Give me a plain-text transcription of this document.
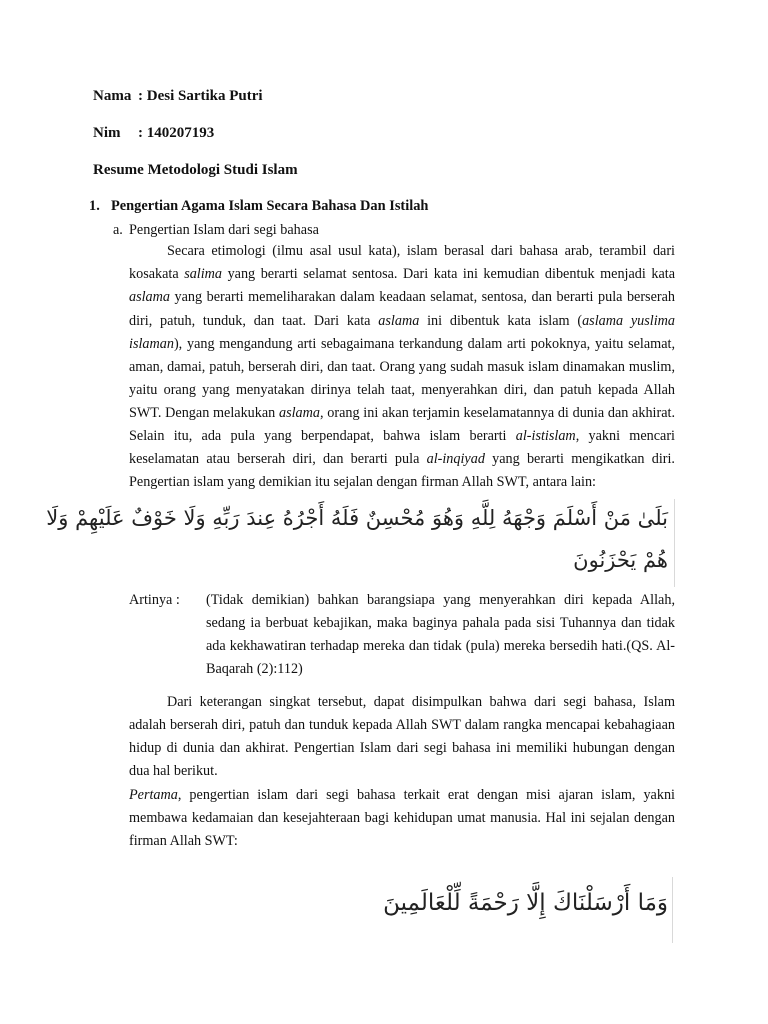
Nama : Desi Sartika Putri
Nim : 140207193
Resume Metodologi Studi Islam
1. Pengertian Agama Islam Secara Bahasa Dan Istilah
a. Pengertian Islam dari segi bahasa
Secara etimologi (ilmu asal usul kata), islam berasal dari bahasa arab, terambil dari
kosakata salima yang berarti selamat sentosa. Dari kata ini kemudian dibentuk menjadi kata
aslama yang berarti memeliharakan dalam keadaan selamat, sentosa, dan berarti pula berserah
diri, patuh, tunduk, dan taat. Dari kata aslama ini dibentuk kata islam (aslama yuslima
islaman), yang mengandung arti sebagaimana terkandung dalam arti pokoknya, yaitu selamat,
aman, damai, patuh, berserah diri, dan taat. Orang yang sudah masuk islam dinamakan muslim,
yaitu orang yang menyatakan dirinya telah taat, menyerahkan diri, dan patuh kepada Allah
SWT. Dengan melakukan aslama, orang ini akan terjamin keselamatannya di dunia dan akhirat.
Selain itu, ada pula yang berpendapat, bahwa islam berarti al-istislam, yakni mencari
keselamatan atau berserah diri, dan berarti pula al-inqiyad yang berarti mengikatkan diri.
Pengertian islam yang demikian itu sejalan dengan firman Allah SWT, antara lain:
بَلَىٰ مَنْ أَسْلَمَ وَجْهَهُ لِلَّهِ وَهُوَ مُحْسِنٌ فَلَهُ أَجْرُهُ عِندَ رَبِّهِ وَلَا خَوْفٌ عَلَيْهِمْ وَلَا
هُمْ يَحْزَنُونَ
Artinya : (Tidak demikian) bahkan barangsiapa yang menyerahkan diri kepada Allah,
sedang ia berbuat kebajikan, maka baginya pahala pada sisi Tuhannya dan tidak
ada kekhawatiran terhadap mereka dan tidak (pula) mereka bersedih hati.(QS. Al-
Baqarah (2):112)
Dari keterangan singkat tersebut, dapat disimpulkan bahwa dari segi bahasa, Islam
adalah berserah diri, patuh dan tunduk kepada Allah SWT dalam rangka mencapai kebahagiaan
hidup di dunia dan akhirat. Pengertian Islam dari segi bahasa ini memiliki hubungan dengan
dua hal berikut.
Pertama, pengertian islam dari segi bahasa terkait erat dengan misi ajaran islam, yakni
membawa kedamaian dan kesejahteraan bagi kehidupan umat manusia. Hal ini sejalan dengan
firman Allah SWT:
وَمَا أَرْسَلْنَاكَ إِلَّا رَحْمَةً لِّلْعَالَمِينَ
